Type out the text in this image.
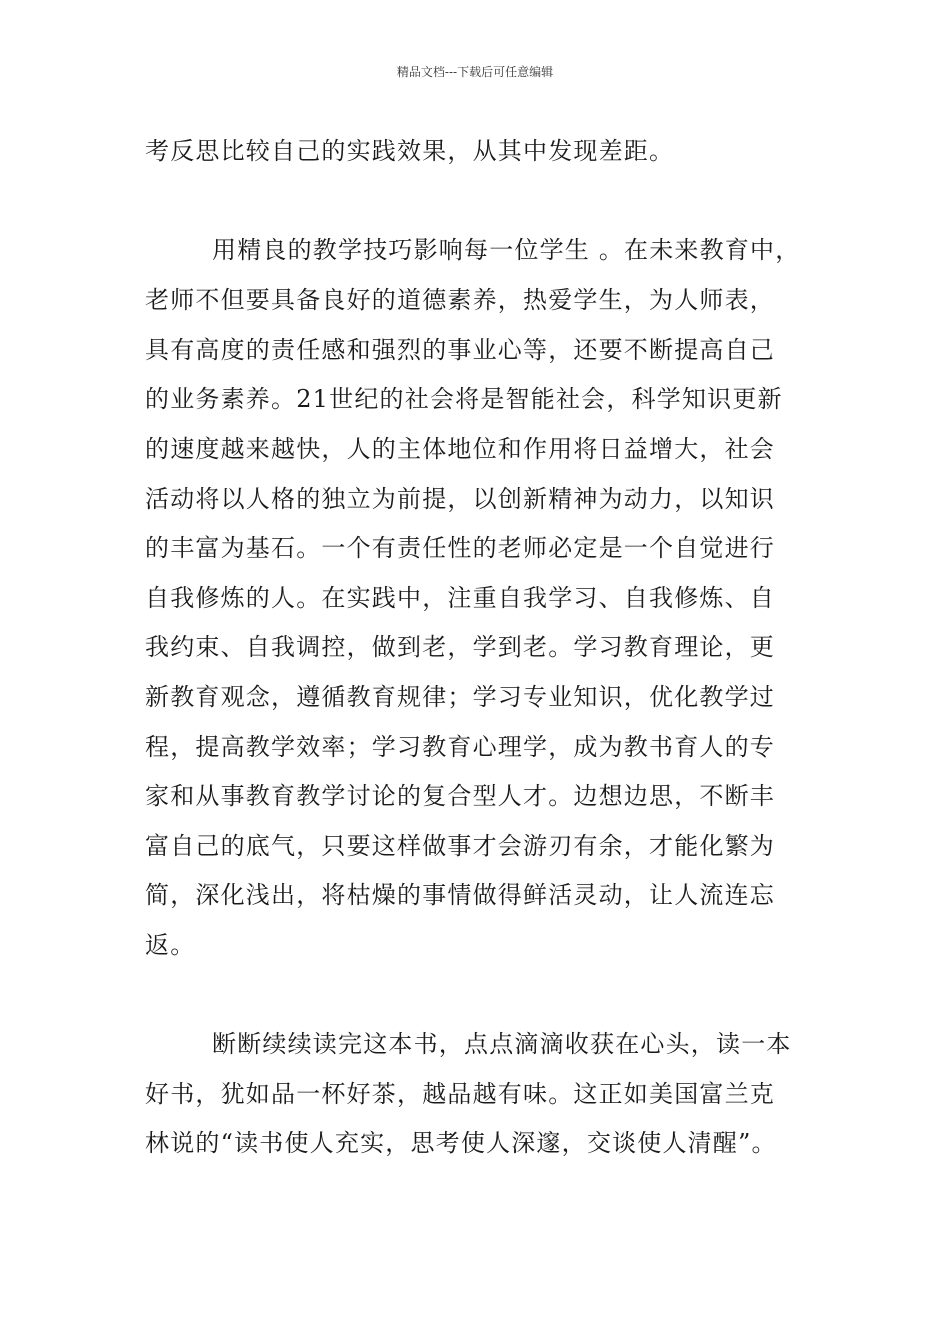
精品文档---下载后可任意编辑
考反思比较自己的实践效果，从其中发现差距。
用精良的教学技巧影响每一位学生 。在未来教育中，
老师不但要具备良好的道德素养，热爱学生，为人师表，
具有高度的责任感和强烈的事业心等，还要不断提高自己
的业务素养。21世纪的社会将是智能社会，科学知识更新
的速度越来越快，人的主体地位和作用将日益增大，社会
活动将以人格的独立为前提，以创新精神为动力，以知识
的丰富为基石。一个有责任性的老师必定是一个自觉进行
自我修炼的人。在实践中，注重自我学习、自我修炼、自
我约束、自我调控，做到老，学到老。学习教育理论，更
新教育观念，遵循教育规律；学习专业知识，优化教学过
程，提高教学效率；学习教育心理学，成为教书育人的专
家和从事教育教学讨论的复合型人才。边想边思，不断丰
富自己的底气，只要这样做事才会游刃有余，才能化繁为
简，深化浅出，将枯燥的事情做得鲜活灵动，让人流连忘
返。
断断续续读完这本书，点点滴滴收获在心头，读一本
好书，犹如品一杯好茶，越品越有味。这正如美国富兰克
林说的“读书使人充实，思考使人深邃，交谈使人清醒”。
